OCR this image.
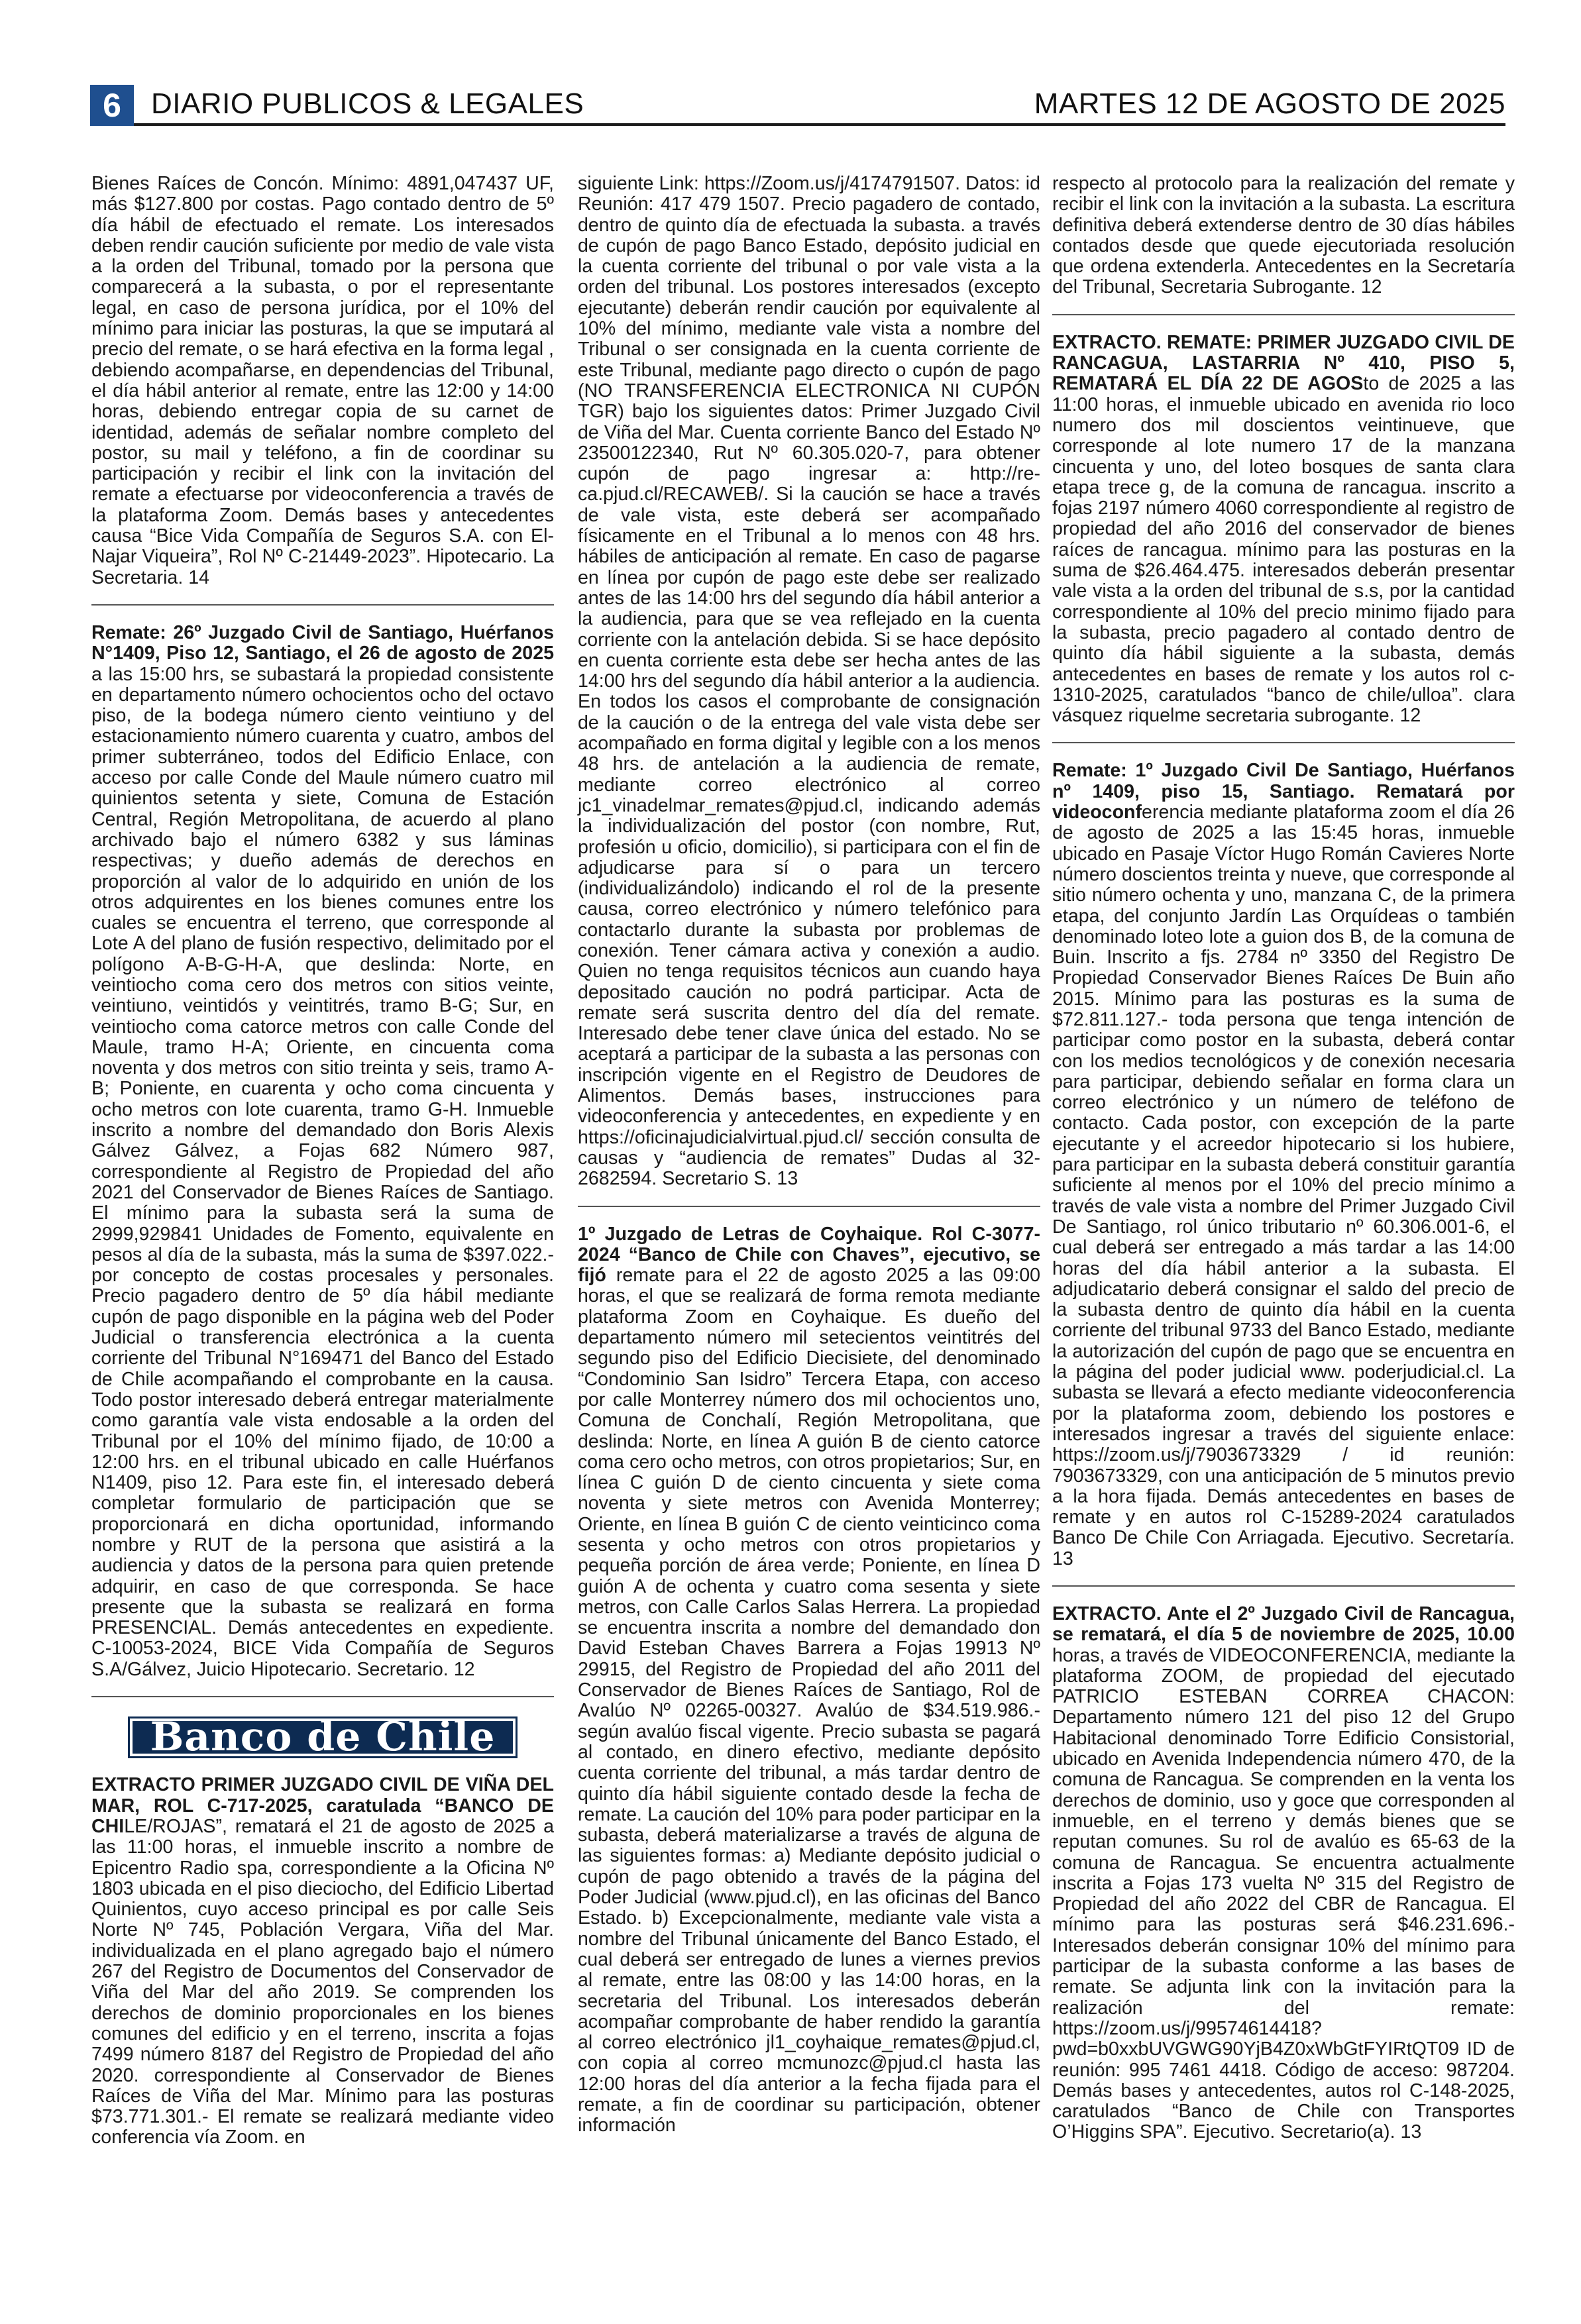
6	DIARIO PUBLICOS & LEGALES	MARTES 12 DE AGOSTO DE 2025

Bienes Raíces de Concón. Mínimo: 4891,047437 UF, más $127.800 por costas. Pago contado dentro de 5º día hábil de efectuado el remate. Los interesados deben rendir caución suficiente por medio de vale vista a la orden del Tribunal, tomado por la persona que comparecerá a la subasta, o por el representante legal, en caso de persona jurídica, por el 10% del mínimo para iniciar las posturas, la que se imputará al precio del remate, o se hará efectiva en la forma legal , debiendo acompañarse, en dependencias del Tribunal, el día hábil anterior al remate, entre las 12:00 y 14:00 horas, debiendo entregar copia de su carnet de identidad, además de señalar nombre completo del postor, su mail y teléfono, a fin de coordinar su participación y recibir el link con la invitación del remate a efectuarse por videoconferencia a través de la plataforma Zoom. Demás bases y antecedentes causa “Bice Vida Compañía de Seguros S.A. con El-Najar Viqueira”, Rol Nº C-21449-2023”. Hipotecario. La Secretaria. 14

Remate: 26º Juzgado Civil de Santiago, Huérfanos N°1409, Piso 12, Santiago, el 26 de agosto de 2025 a las 15:00 hrs, se subastará la propiedad consistente en departamento número ochocientos ocho del octavo piso, de la bodega número ciento veintiuno y del estacionamiento número cuarenta y cuatro, ambos del primer subterráneo, todos del Edificio Enlace, con acceso por calle Conde del Maule número cuatro mil quinientos setenta y siete, Comuna de Estación Central, Región Metropolitana, de acuerdo al plano archivado bajo el número 6382 y sus láminas respectivas; y dueño además de derechos en proporción al valor de lo adquirido en unión de los otros adquirentes en los bienes comunes entre los cuales se encuentra el terreno, que corresponde al Lote A del plano de fusión respectivo, delimitado por el polígono A-B-G-H-A, que deslinda: Norte, en veintiocho coma cero dos metros con sitios veinte, veintiuno, veintidós y veintitrés, tramo B-G; Sur, en veintiocho coma catorce metros con calle Conde del Maule, tramo H-A; Oriente, en cincuenta coma noventa y dos metros con sitio treinta y seis, tramo A-B; Poniente, en cuarenta y ocho coma cincuenta y ocho metros con lote cuarenta, tramo G-H. Inmueble inscrito a nombre del demandado don Boris Alexis Gálvez Gálvez, a Fojas 682 Número 987, correspondiente al Registro de Propiedad del año 2021 del Conservador de Bienes Raíces de Santiago. El mínimo para la subasta será la suma de 2999,929841 Unidades de Fomento, equivalente en pesos al día de la subasta, más la suma de $397.022.- por concepto de costas procesales y personales. Precio pagadero dentro de 5º día hábil mediante cupón de pago disponible en la página web del Poder Judicial o transferencia electrónica a la cuenta corriente del Tribunal N°169471 del Banco del Estado de Chile acompañando el comprobante en la causa. Todo postor interesado deberá entregar materialmente como garantía vale vista endosable a la orden del Tribunal por el 10% del mínimo fijado, de 10:00 a 12:00 hrs. en el tribunal ubicado en calle Huérfanos N1409, piso 12. Para este fin, el interesado deberá completar formulario de participación que se proporcionará en dicha oportunidad, informando nombre y RUT de la persona que asistirá a la audiencia y datos de la persona para quien pretende adquirir, en caso de que corresponda. Se hace presente que la subasta se realizará en forma PRESENCIAL. Demás antecedentes en expediente. C-10053-2024, BICE Vida Compañía de Seguros S.A/Gálvez, Juicio Hipotecario. Secretario. 12

Banco de Chile

EXTRACTO PRIMER JUZGADO CIVIL DE VIÑA DEL MAR, ROL C-717-2025, caratulada “BANCO DE CHILE/ROJAS”, rematará el 21 de agosto de 2025 a las 11:00 horas, el inmueble inscrito a nombre de Epicentro Radio spa, correspondiente a la Oficina Nº 1803 ubicada en el piso dieciocho, del Edificio Libertad Quinientos, cuyo acceso principal es por calle Seis Norte Nº 745, Población Vergara, Viña del Mar. individualizada en el plano agregado bajo el número 267 del Registro de Documentos del Conservador de Viña del Mar del año 2019. Se comprenden los derechos de dominio proporcionales en los bienes comunes del edificio y en el terreno, inscrita a fojas 7499 número 8187 del Registro de Propiedad del año 2020. correspondiente al Conservador de Bienes Raíces de Viña del Mar. Mínimo para las posturas $73.771.301.- El remate se realizará mediante video conferencia vía Zoom. en

siguiente Link: https://Zoom.us/j/4174791507. Datos: id Reunión: 417 479 1507. Precio pagadero de contado, dentro de quinto día de efectuada la subasta. a través de cupón de pago Banco Estado, depósito judicial en la cuenta corriente del tribunal o por vale vista a la orden del tribunal. Los postores interesados (excepto ejecutante) deberán rendir caución por equivalente al 10% del mínimo, mediante vale vista a nombre del Tribunal o ser consignada en la cuenta corriente de este Tribunal, mediante pago directo o cupón de pago (NO TRANSFERENCIA ELECTRONICA NI CUPÓN TGR) bajo los siguientes datos: Primer Juzgado Civil de Viña del Mar. Cuenta corriente Banco del Estado Nº 23500122340, Rut Nº 60.305.020-7, para obtener cupón de pago ingresar a: http://re-ca.pjud.cl/RECAWEB/. Si la caución se hace a través de vale vista, este deberá ser acompañado físicamente en el Tribunal a lo menos con 48 hrs. hábiles de anticipación al remate. En caso de pagarse en línea por cupón de pago este debe ser realizado antes de las 14:00 hrs del segundo día hábil anterior a la audiencia, para que se vea reflejado en la cuenta corriente con la antelación debida. Si se hace depósito en cuenta corriente esta debe ser hecha antes de las 14:00 hrs del segundo día hábil anterior a la audiencia. En todos los casos el comprobante de consignación de la caución o de la entrega del vale vista debe ser acompañado en forma digital y legible con a los menos 48 hrs. de antelación a la audiencia de remate, mediante correo electrónico al correo jc1_vinadelmar_remates@pjud.cl, indicando además la individualización del postor (con nombre, Rut, profesión u oficio, domicilio), si participara con el fin de adjudicarse para sí o para un tercero (individualizándolo) indicando el rol de la presente causa, correo electrónico y número telefónico para contactarlo durante la subasta por problemas de conexión. Tener cámara activa y conexión a audio. Quien no tenga requisitos técnicos aun cuando haya depositado caución no podrá participar. Acta de remate será suscrita dentro del día del remate. Interesado debe tener clave única del estado. No se aceptará a participar de la subasta a las personas con inscripción vigente en el Registro de Deudores de Alimentos. Demás bases, instrucciones para videoconferencia y antecedentes, en expediente y en https://oficinajudicialvirtual.pjud.cl/ sección consulta de causas y “audiencia de remates” Dudas al 32-2682594. Secretario S. 13

1º Juzgado de Letras de Coyhaique. Rol C-3077-2024 “Banco de Chile con Chaves”, ejecutivo, se fijó remate para el 22 de agosto 2025 a las 09:00 horas, el que se realizará de forma remota mediante plataforma Zoom en Coyhaique. Es dueño del departamento número mil setecientos veintitrés del segundo piso del Edificio Diecisiete, del denominado “Condominio San Isidro” Tercera Etapa, con acceso por calle Monterrey número dos mil ochocientos uno, Comuna de Conchalí, Región Metropolitana, que deslinda: Norte, en línea A guión B de ciento catorce coma cero ocho metros, con otros propietarios; Sur, en línea C guión D de ciento cincuenta y siete coma noventa y siete metros con Avenida Monterrey; Oriente, en línea B guión C de ciento veinticinco coma sesenta y ocho metros con otros propietarios y pequeña porción de área verde; Poniente, en línea D guión A de ochenta y cuatro coma sesenta y siete metros, con Calle Carlos Salas Herrera. La propiedad se encuentra inscrita a nombre del demandado don David Esteban Chaves Barrera a Fojas 19913 Nº 29915, del Registro de Propiedad del año 2011 del Conservador de Bienes Raíces de Santiago, Rol de Avalúo Nº 02265-00327. Avalúo de $34.519.986.- según avalúo fiscal vigente. Precio subasta se pagará al contado, en dinero efectivo, mediante depósito cuenta corriente del tribunal, a más tardar dentro de quinto día hábil siguiente contado desde la fecha de remate. La caución del 10% para poder participar en la subasta, deberá materializarse a través de alguna de las siguientes formas: a) Mediante depósito judicial o cupón de pago obtenido a través de la página del Poder Judicial (www.pjud.cl), en las oficinas del Banco Estado. b) Excepcionalmente, mediante vale vista a nombre del Tribunal únicamente del Banco Estado, el cual deberá ser entregado de lunes a viernes previos al remate, entre las 08:00 y las 14:00 horas, en la secretaria del Tribunal. Los interesados deberán acompañar comprobante de haber rendido la garantía al correo electrónico jl1_coyhaique_remates@pjud.cl, con copia al correo mcmunozc@pjud.cl hasta las 12:00 horas del día anterior a la fecha fijada para el remate, a fin de coordinar su participación, obtener información

respecto al protocolo para la realización del remate y recibir el link con la invitación a la subasta. La escritura definitiva deberá extenderse dentro de 30 días hábiles contados desde que quede ejecutoriada resolución que ordena extenderla. Antecedentes en la Secretaría del Tribunal, Secretaria Subrogante. 12

EXTRACTO. REMATE: PRIMER JUZGADO CIVIL DE RANCAGUA, LASTARRIA Nº 410, PISO 5, REMATARÁ EL DÍA 22 DE AGOSto de 2025 a las 11:00 horas, el inmueble ubicado en avenida rio loco numero dos mil doscientos veintinueve, que corresponde al lote numero 17 de la manzana cincuenta y uno, del loteo bosques de santa clara etapa trece g, de la comuna de rancagua. inscrito a fojas 2197 número 4060 correspondiente al registro de propiedad del año 2016 del conservador de bienes raíces de rancagua. mínimo para las posturas en la suma de $26.464.475. interesados deberán presentar vale vista a la orden del tribunal de s.s, por la cantidad correspondiente al 10% del precio minimo fijado para la subasta, precio pagadero al contado dentro de quinto día hábil siguiente a la subasta, demás antecedentes en bases de remate y los autos rol c-1310-2025, caratulados “banco de chile/ulloa”. clara vásquez riquelme secretaria subrogante. 12

Remate: 1º Juzgado Civil De Santiago, Huérfanos nº 1409, piso 15, Santiago. Rematará por videoconferencia mediante plataforma zoom el día 26 de agosto de 2025 a las 15:45 horas, inmueble ubicado en Pasaje Víctor Hugo Román Cavieres Norte número doscientos treinta y nueve, que corresponde al sitio número ochenta y uno, manzana C, de la primera etapa, del conjunto Jardín Las Orquídeas o también denominado loteo lote a guion dos B, de la comuna de Buin. Inscrito a fjs. 2784 nº 3350 del Registro De Propiedad Conservador Bienes Raíces De Buin año 2015. Mínimo para las posturas es la suma de $72.811.127.- toda persona que tenga intención de participar como postor en la subasta, deberá contar con los medios tecnológicos y de conexión necesaria para participar, debiendo señalar en forma clara un correo electrónico y un número de teléfono de contacto. Cada postor, con excepción de la parte ejecutante y el acreedor hipotecario si los hubiere, para participar en la subasta deberá constituir garantía suficiente al menos por el 10% del precio mínimo a través de vale vista a nombre del Primer Juzgado Civil De Santiago, rol único tributario nº 60.306.001-6, el cual deberá ser entregado a más tardar a las 14:00 horas del día hábil anterior a la subasta. El adjudicatario deberá consignar el saldo del precio de la subasta dentro de quinto día hábil en la cuenta corriente del tribunal 9733 del Banco Estado, mediante la autorización del cupón de pago que se encuentra en la página del poder judicial www. poderjudicial.cl. La subasta se llevará a efecto mediante videoconferencia por la plataforma zoom, debiendo los postores e interesados ingresar a través del siguiente enlace: https://zoom.us/j/7903673329 / id reunión: 7903673329, con una anticipación de 5 minutos previo a la hora fijada. Demás antecedentes en bases de remate y en autos rol C-15289-2024 caratulados Banco De Chile Con Arriagada. Ejecutivo. Secretaría. 13

EXTRACTO. Ante el 2º Juzgado Civil de Rancagua, se rematará, el día 5 de noviembre de 2025, 10.00 horas, a través de VIDEOCONFERENCIA, mediante la plataforma ZOOM, de propiedad del ejecutado PATRICIO ESTEBAN CORREA CHACON: Departamento número 121 del piso 12 del Grupo Habitacional denominado Torre Edificio Consistorial, ubicado en Avenida Independencia número 470, de la comuna de Rancagua. Se comprenden en la venta los derechos de dominio, uso y goce que corresponden al inmueble, en el terreno y demás bienes que se reputan comunes. Su rol de avalúo es 65-63 de la comuna de Rancagua. Se encuentra actualmente inscrita a Fojas 173 vuelta Nº 315 del Registro de Propiedad del año 2022 del CBR de Rancagua. El mínimo para las posturas será $46.231.696.- Interesados deberán consignar 10% del mínimo para participar de la subasta conforme a las bases de remate. Se adjunta link con la invitación para la realización del remate: https://zoom.us/j/99574614418?pwd=b0xxbUVGWG90YjB4Z0xWbGtFYIRtQT09 ID de reunión: 995 7461 4418. Código de acceso: 987204. Demás bases y antecedentes, autos rol C-148-2025, caratulados “Banco de Chile con Transportes O’Higgins SPA”. Ejecutivo. Secretario(a). 13
